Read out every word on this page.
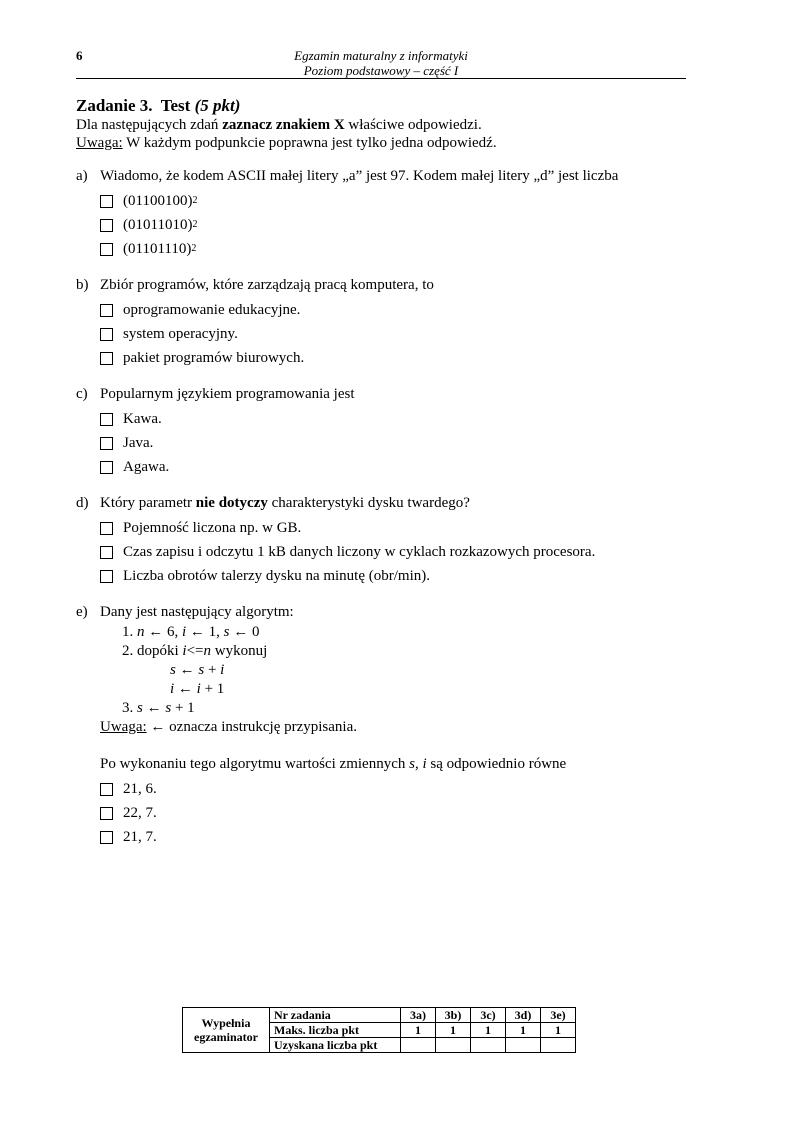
6	Egzamin maturalny z informatyki
Poziom podstawowy – część I
Zadanie 3. Test (5 pkt)
Dla następujących zdań zaznacz znakiem X właściwe odpowiedzi.
Uwaga: W każdym podpunkcie poprawna jest tylko jedna odpowiedź.
a) Wiadomo, że kodem ASCII małej litery „a” jest 97. Kodem małej litery „d” jest liczba
(01100100) 2
(01011010) 2
(01101110) 2
b) Zbiór programów, które zarządzają pracą komputera, to
oprogramowanie edukacyjne.
system operacyjny.
pakiet programów biurowych.
c) Popularnym językiem programowania jest
Kawa.
Java.
Agawa.
d) Który parametr nie dotyczy charakterystyki dysku twardego?
Pojemność liczona np. w GB.
Czas zapisu i odczytu 1 kB danych liczony w cyklach rozkazowych procesora.
Liczba obrotów talerzy dysku na minutę (obr/min).
e) Dany jest następujący algorytm:
1. n ← 6, i ← 1, s ← 0
2. dopóki i<=n wykonuj
s ← s + i
i ← i + 1
3. s ← s + 1
Uwaga: ← oznacza instrukcję przypisania.
Po wykonaniu tego algorytmu wartości zmiennych s, i są odpowiednio równe
21, 6.
22, 7.
21, 7.
Wypełnia
egzaminator	Nr zadania	3a)	3b)	3c)	3d)	3e)
	Maks. liczba pkt	1	1	1	1	1
	Uzyskana liczba pkt					
